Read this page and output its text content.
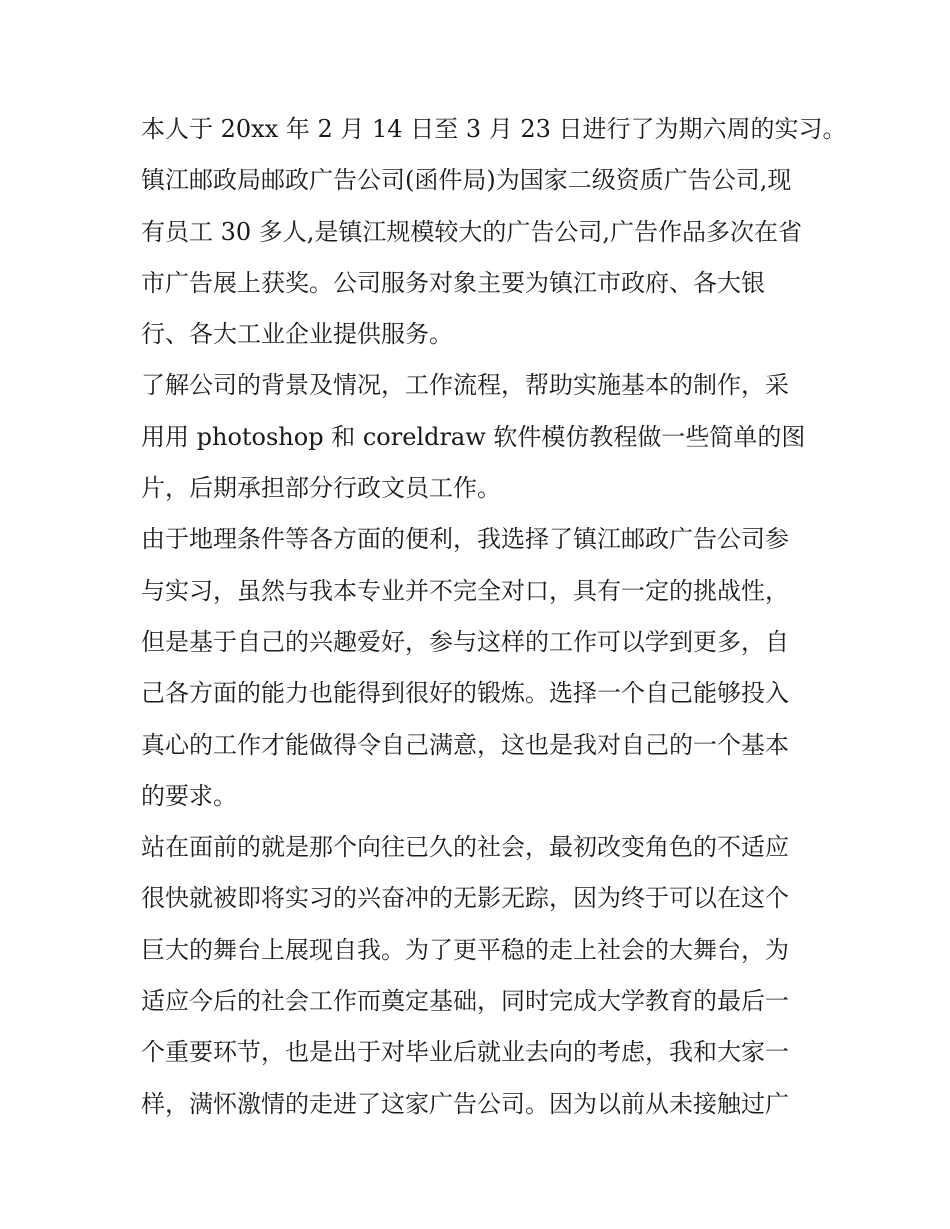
本人于 20xx 年 2 月 14 日至 3 月 23 日进行了为期六周的实习。
镇江邮政局邮政广告公司(函件局)为国家二级资质广告公司,现
有员工 30 多人,是镇江规模较大的广告公司,广告作品多次在省
市广告展上获奖。公司服务对象主要为镇江市政府、各大银
行、各大工业企业提供服务。
了解公司的背景及情况，工作流程，帮助实施基本的制作，采
用用 photoshop 和 coreldraw 软件模仿教程做一些简单的图
片，后期承担部分行政文员工作。
由于地理条件等各方面的便利，我选择了镇江邮政广告公司参
与实习，虽然与我本专业并不完全对口，具有一定的挑战性，
但是基于自己的兴趣爱好，参与这样的工作可以学到更多，自
己各方面的能力也能得到很好的锻炼。选择一个自己能够投入
真心的工作才能做得令自己满意，这也是我对自己的一个基本
的要求。
站在面前的就是那个向往已久的社会，最初改变角色的不适应
很快就被即将实习的兴奋冲的无影无踪，因为终于可以在这个
巨大的舞台上展现自我。为了更平稳的走上社会的大舞台，为
适应今后的社会工作而奠定基础，同时完成大学教育的最后一
个重要环节，也是出于对毕业后就业去向的考虑，我和大家一
样，满怀激情的走进了这家广告公司。因为以前从未接触过广
